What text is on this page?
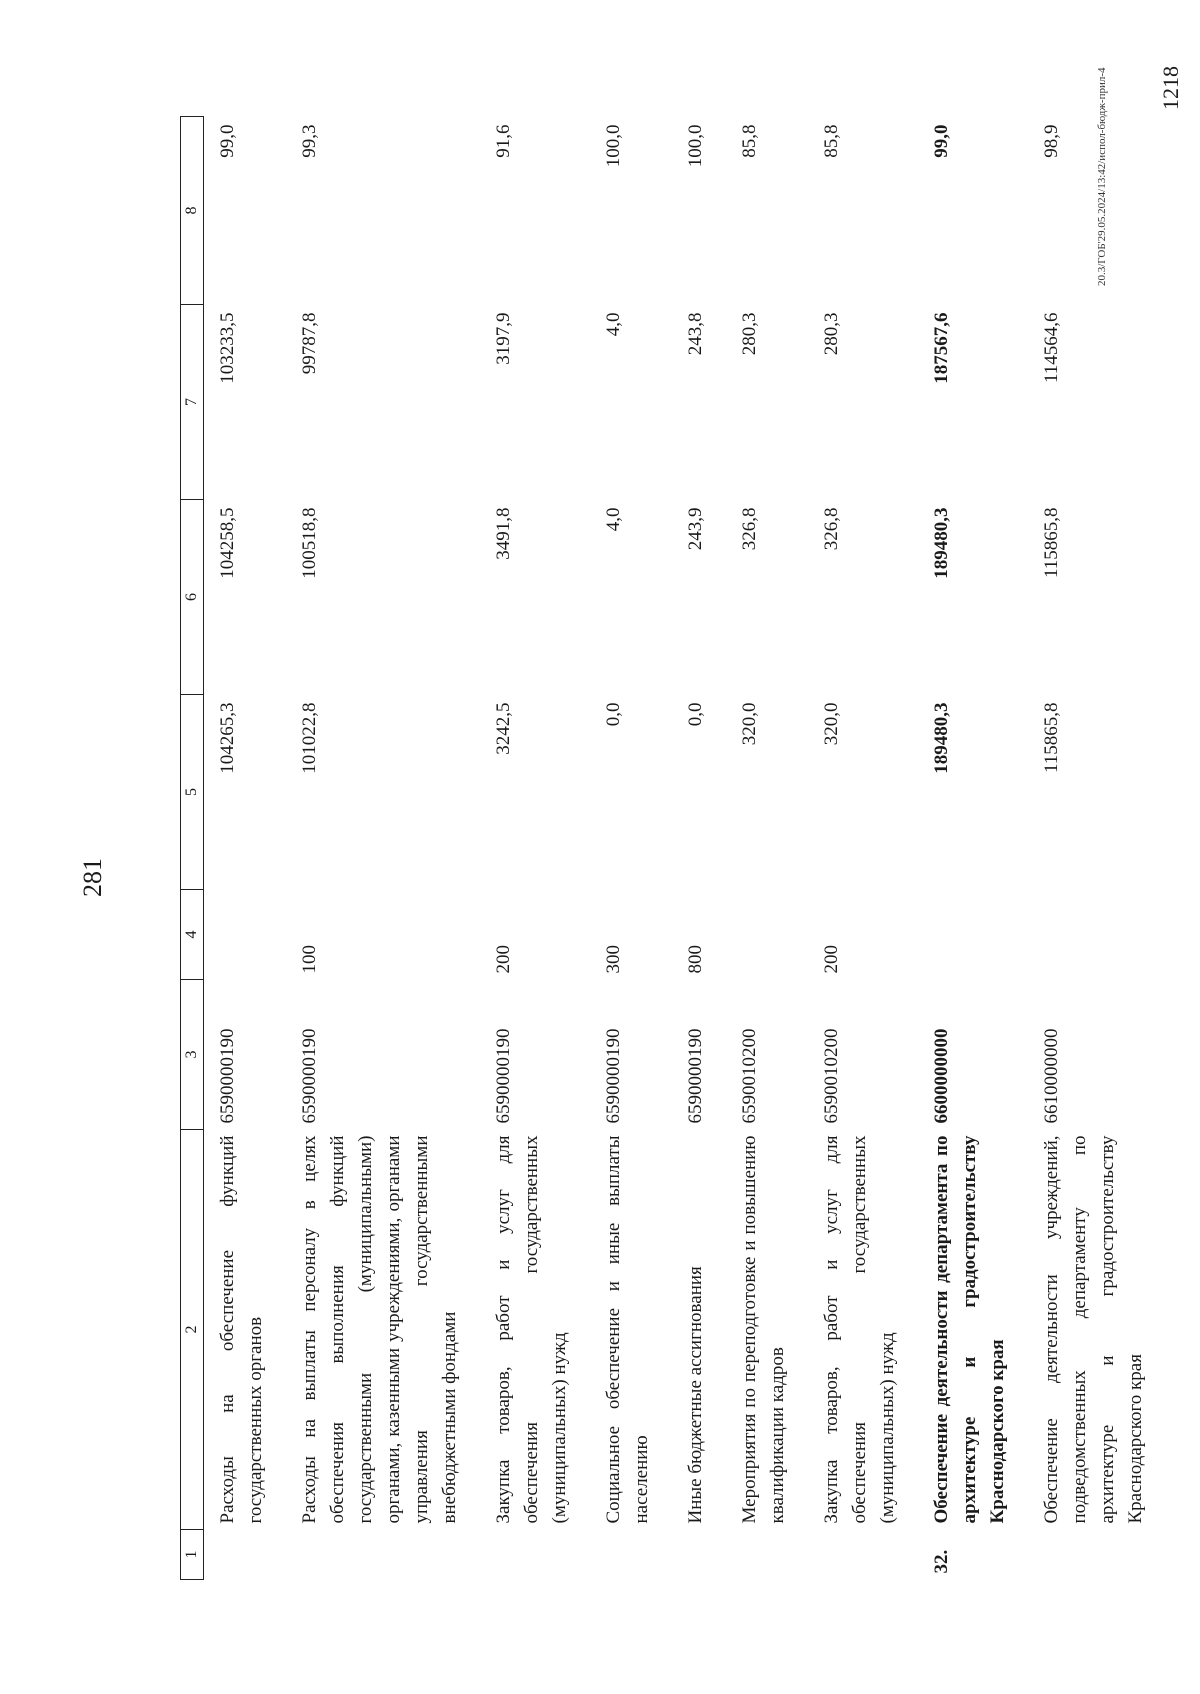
281
1	2	3	4	5	6	7	8

	Расходы на обеспечение функций государственных органов	6590000190		104265,3	104258,5	103233,5	99,0
	Расходы на выплаты персоналу в целях обеспечения выполнения функций государственными (муниципальными) органами, казенными учреждениями, органами управления государственными внебюджетными фондами	6590000190	100	101022,8	100518,8	99787,8	99,3
	Закупка товаров, работ и услуг для обеспечения государственных (муниципальных) нужд	6590000190	200	3242,5	3491,8	3197,9	91,6
	Социальное обеспечение и иные выплаты населению	6590000190	300	0,0	4,0	4,0	100,0
	Иные бюджетные ассигнования	6590000190	800	0,0	243,9	243,8	100,0
	Мероприятия по переподготовке и повышению квалификации кадров	6590010200		320,0	326,8	280,3	85,8
	Закупка товаров, работ и услуг для обеспечения государственных (муниципальных) нужд	6590010200	200	320,0	326,8	280,3	85,8
32.	Обеспечение деятельности департамента по архитектуре и градостроительству Краснодарского края	6600000000		189480,3	189480,3	187567,6	99,0
	Обеспечение деятельности учреждений, подведомственных департаменту по архитектуре и градостроительству Краснодарского края	6610000000		115865,8	115865,8	114564,6	98,9	20.3/ГОБ'29.05.2024/13:42/испол-бюдж-прил-4 1218
